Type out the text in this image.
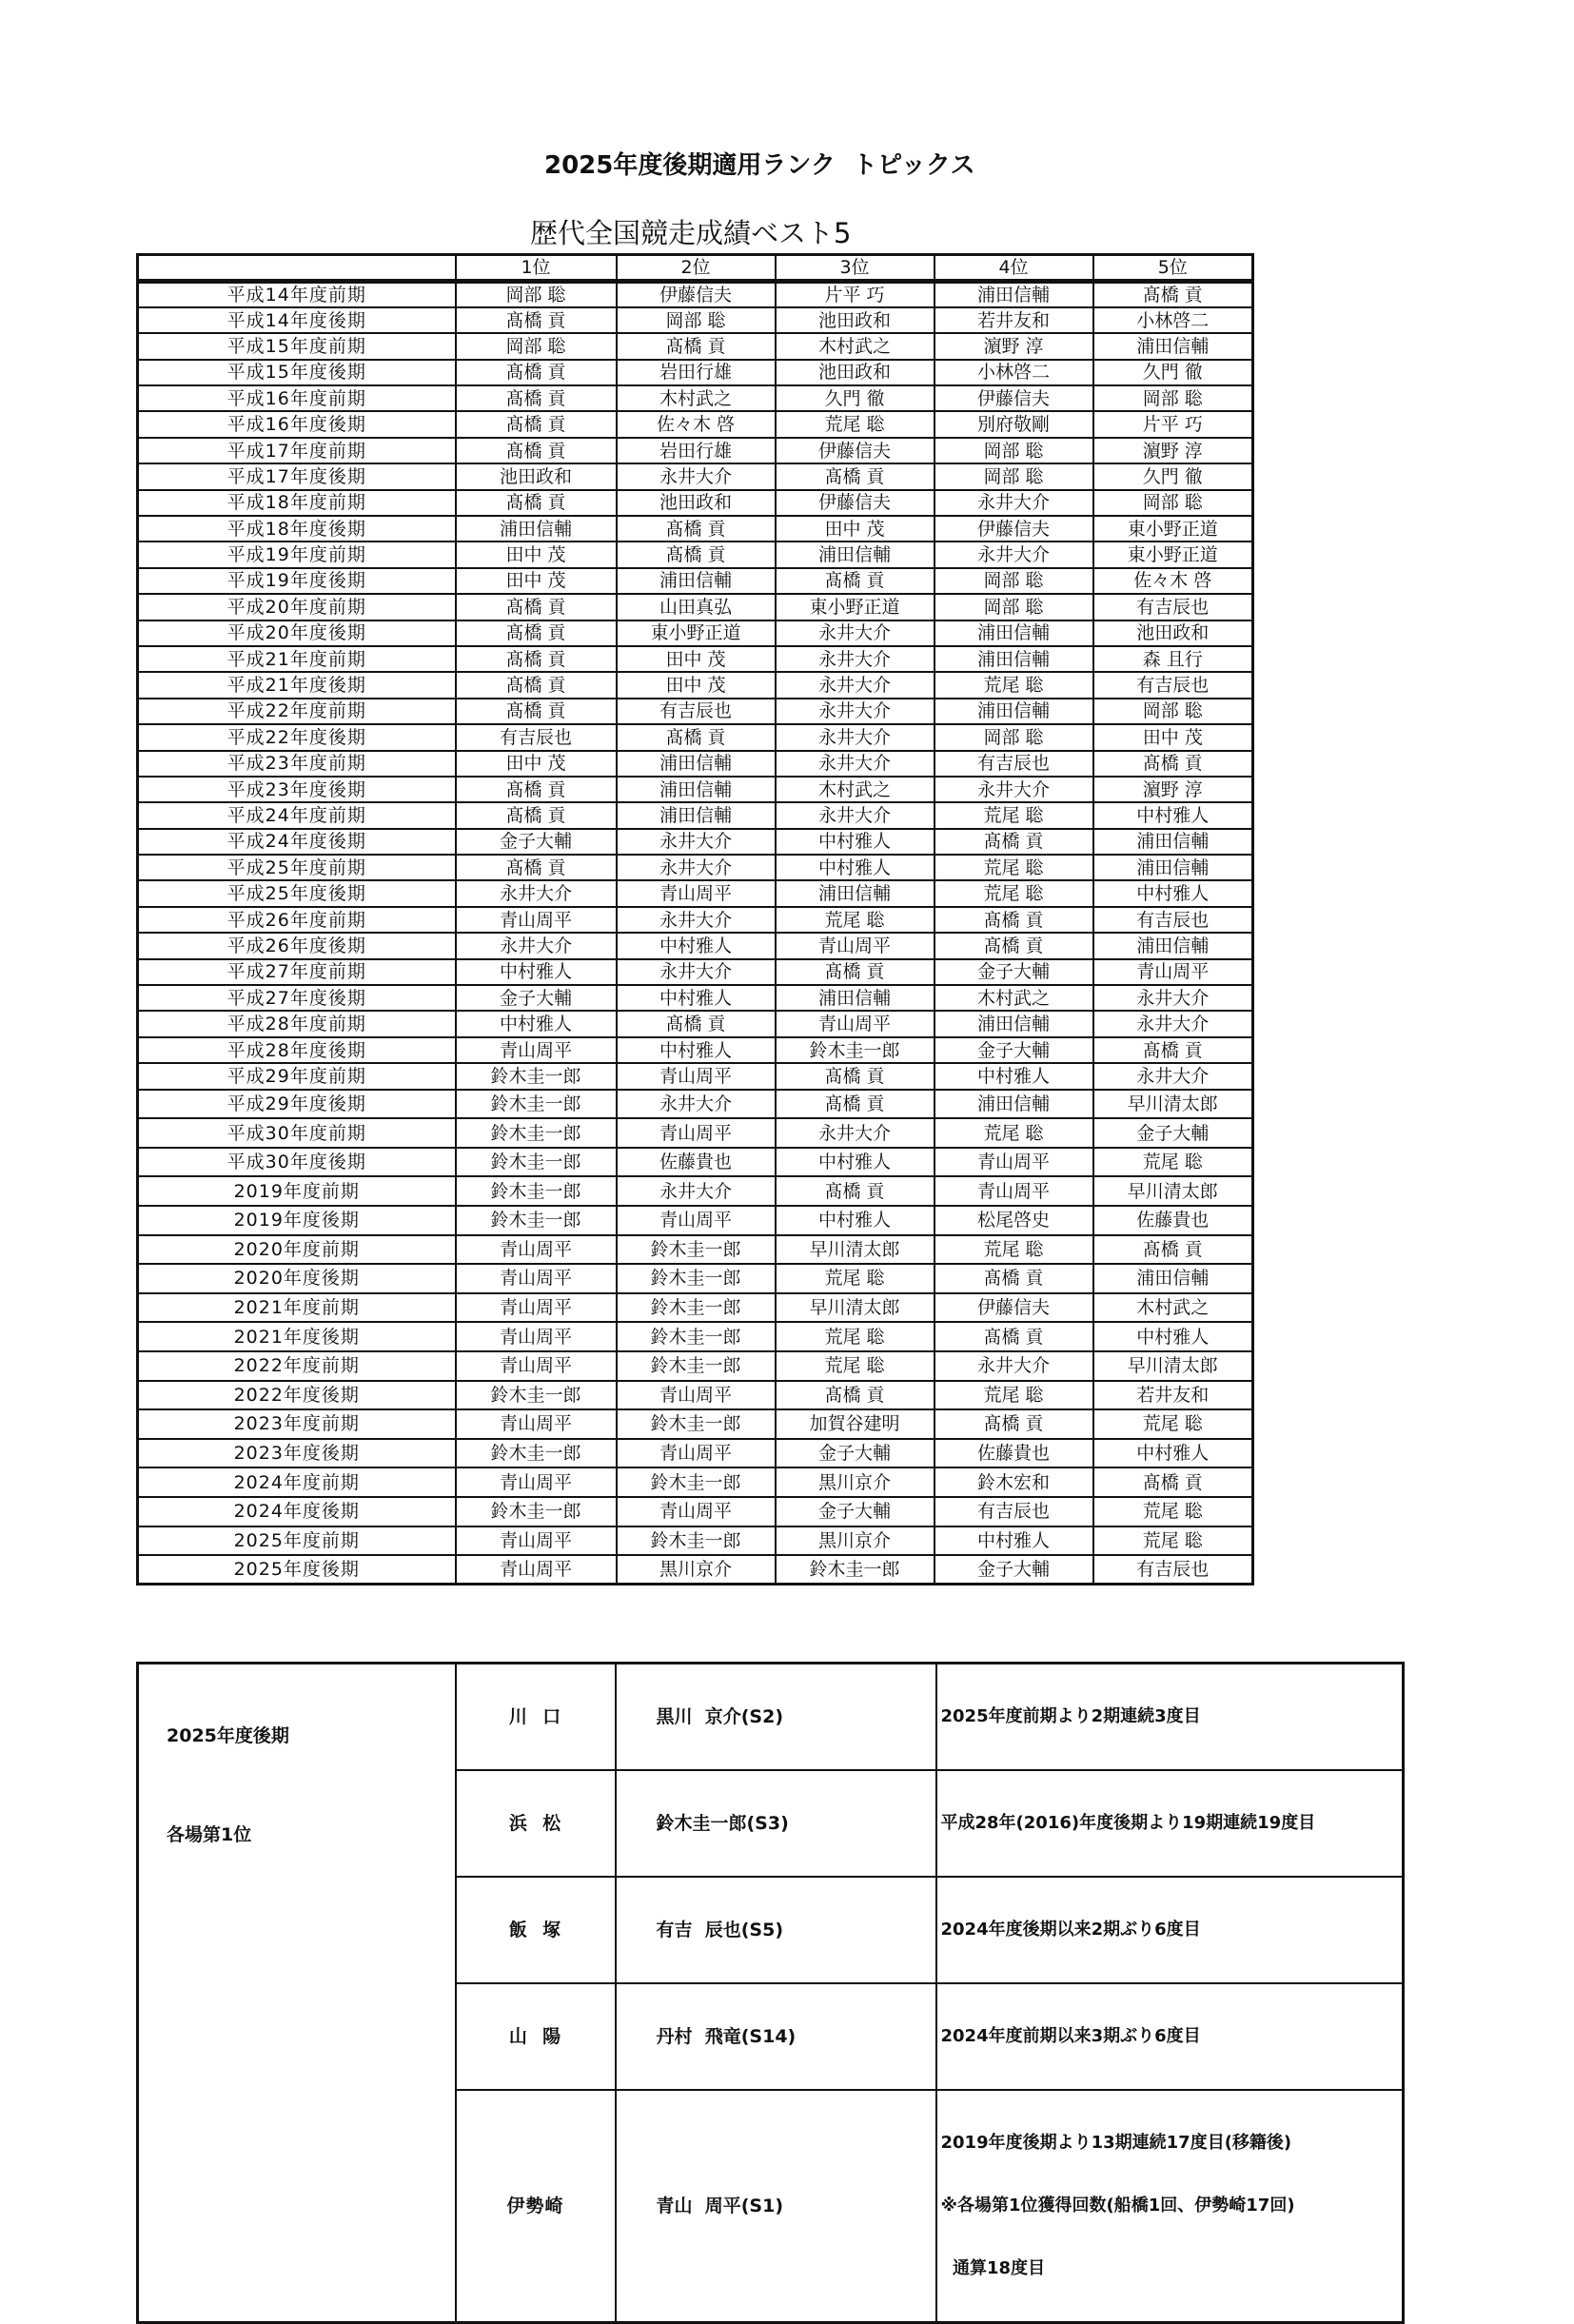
2025年度後期適用ランク  トピックス
歴代全国競走成績ベスト5
	1位	2位	3位	4位	5位
平成14年度前期	岡部 聡	伊藤信夫	片平 巧	浦田信輔	髙橋 貢
平成14年度後期	髙橋 貢	岡部 聡	池田政和	若井友和	小林啓二
平成15年度前期	岡部 聡	髙橋 貢	木村武之	濵野 淳	浦田信輔
平成15年度後期	髙橋 貢	岩田行雄	池田政和	小林啓二	久門 徹
平成16年度前期	髙橋 貢	木村武之	久門 徹	伊藤信夫	岡部 聡
平成16年度後期	髙橋 貢	佐々木 啓	荒尾 聡	別府敬剛	片平 巧
平成17年度前期	髙橋 貢	岩田行雄	伊藤信夫	岡部 聡	濵野 淳
平成17年度後期	池田政和	永井大介	髙橋 貢	岡部 聡	久門 徹
平成18年度前期	髙橋 貢	池田政和	伊藤信夫	永井大介	岡部 聡
平成18年度後期	浦田信輔	髙橋 貢	田中 茂	伊藤信夫	東小野正道
平成19年度前期	田中 茂	髙橋 貢	浦田信輔	永井大介	東小野正道
平成19年度後期	田中 茂	浦田信輔	髙橋 貢	岡部 聡	佐々木 啓
平成20年度前期	髙橋 貢	山田真弘	東小野正道	岡部 聡	有吉辰也
平成20年度後期	髙橋 貢	東小野正道	永井大介	浦田信輔	池田政和
平成21年度前期	髙橋 貢	田中 茂	永井大介	浦田信輔	森 且行
平成21年度後期	髙橋 貢	田中 茂	永井大介	荒尾 聡	有吉辰也
平成22年度前期	髙橋 貢	有吉辰也	永井大介	浦田信輔	岡部 聡
平成22年度後期	有吉辰也	髙橋 貢	永井大介	岡部 聡	田中 茂
平成23年度前期	田中 茂	浦田信輔	永井大介	有吉辰也	髙橋 貢
平成23年度後期	髙橋 貢	浦田信輔	木村武之	永井大介	濵野 淳
平成24年度前期	髙橋 貢	浦田信輔	永井大介	荒尾 聡	中村雅人
平成24年度後期	金子大輔	永井大介	中村雅人	髙橋 貢	浦田信輔
平成25年度前期	髙橋 貢	永井大介	中村雅人	荒尾 聡	浦田信輔
平成25年度後期	永井大介	青山周平	浦田信輔	荒尾 聡	中村雅人
平成26年度前期	青山周平	永井大介	荒尾 聡	髙橋 貢	有吉辰也
平成26年度後期	永井大介	中村雅人	青山周平	髙橋 貢	浦田信輔
平成27年度前期	中村雅人	永井大介	髙橋 貢	金子大輔	青山周平
平成27年度後期	金子大輔	中村雅人	浦田信輔	木村武之	永井大介
平成28年度前期	中村雅人	髙橋 貢	青山周平	浦田信輔	永井大介
平成28年度後期	青山周平	中村雅人	鈴木圭一郎	金子大輔	髙橋 貢
平成29年度前期	鈴木圭一郎	青山周平	髙橋 貢	中村雅人	永井大介
平成29年度後期	鈴木圭一郎	永井大介	髙橋 貢	浦田信輔	早川清太郎
平成30年度前期	鈴木圭一郎	青山周平	永井大介	荒尾 聡	金子大輔
平成30年度後期	鈴木圭一郎	佐藤貴也	中村雅人	青山周平	荒尾 聡
2019年度前期	鈴木圭一郎	永井大介	髙橋 貢	青山周平	早川清太郎
2019年度後期	鈴木圭一郎	青山周平	中村雅人	松尾啓史	佐藤貴也
2020年度前期	青山周平	鈴木圭一郎	早川清太郎	荒尾 聡	髙橋 貢
2020年度後期	青山周平	鈴木圭一郎	荒尾 聡	髙橋 貢	浦田信輔
2021年度前期	青山周平	鈴木圭一郎	早川清太郎	伊藤信夫	木村武之
2021年度後期	青山周平	鈴木圭一郎	荒尾 聡	髙橋 貢	中村雅人
2022年度前期	青山周平	鈴木圭一郎	荒尾 聡	永井大介	早川清太郎
2022年度後期	鈴木圭一郎	青山周平	髙橋 貢	荒尾 聡	若井友和
2023年度前期	青山周平	鈴木圭一郎	加賀谷建明	髙橋 貢	荒尾 聡
2023年度後期	鈴木圭一郎	青山周平	金子大輔	佐藤貴也	中村雅人
2024年度前期	青山周平	鈴木圭一郎	黒川京介	鈴木宏和	髙橋 貢
2024年度後期	鈴木圭一郎	青山周平	金子大輔	有吉辰也	荒尾 聡
2025年度前期	青山周平	鈴木圭一郎	黒川京介	中村雅人	荒尾 聡
2025年度後期	青山周平	黒川京介	鈴木圭一郎	金子大輔	有吉辰也

2025年度後期

各場第1位	川  口	黒川  京介(S2)	2025年度前期より2期連続3度目

	浜  松	鈴木圭一郎(S3)	平成28年(2016)年度後期より19期連続19度目

	飯  塚	有吉  辰也(S5)	2024年度後期以来2期ぶり6度目

	山  陽	丹村  飛竜(S14)	2024年度前期以来3期ぶり6度目

	伊勢崎	青山  周平(S1)	2019年度後期より13期連続17度目(移籍後)

※各場第1位獲得回数(船橋1回、伊勢崎17回)

通算18度目
